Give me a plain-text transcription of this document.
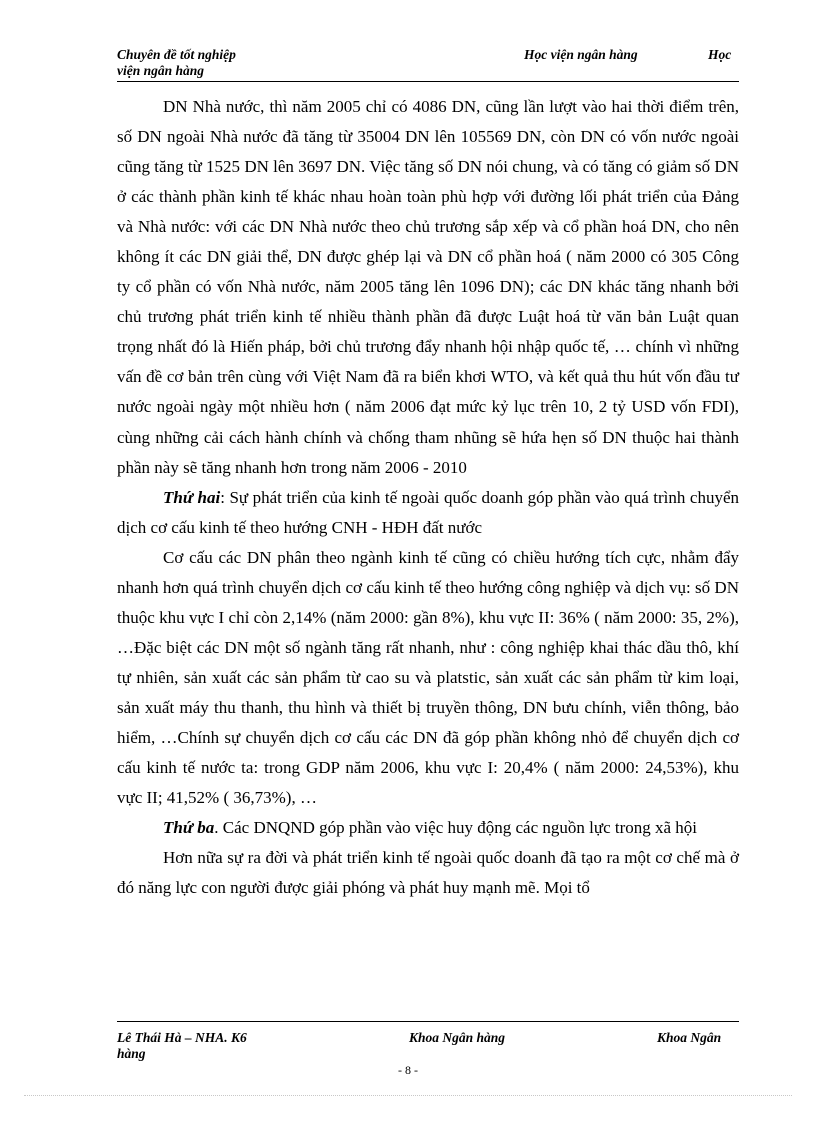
Chuyên đề tốt nghiệp	Học viện ngân hàng	Học
viện ngân hàng

DN Nhà nước, thì năm 2005 chỉ có 4086 DN, cũng lần lượt vào hai thời điểm trên, số DN ngoài Nhà nước đã tăng từ 35004 DN lên 105569 DN, còn DN có vốn nước ngoài cũng tăng từ 1525 DN lên 3697 DN. Việc tăng số DN nói chung, và có tăng có giảm số DN ở các thành phần kinh tế khác nhau hoàn toàn phù hợp với đường lối phát triển của Đảng và Nhà nước: với các DN Nhà nước theo chủ trương sắp xếp và cổ phần hoá DN, cho nên không ít các DN giải thể, DN được ghép lại và DN cổ phần hoá ( năm 2000 có 305 Công ty cổ phần có vốn Nhà nước, năm 2005 tăng lên 1096 DN); các DN khác tăng nhanh bởi chủ trương phát triển kinh tế nhiều thành phần đã được Luật hoá từ văn bản Luật quan trọng nhất đó là Hiến pháp, bởi chủ trương đẩy nhanh hội nhập quốc tế, … chính vì những vấn đề cơ bản trên cùng với Việt Nam đã ra biển khơi WTO, và kết quả thu hút vốn đầu tư nước ngoài ngày một nhiều hơn ( năm 2006 đạt mức kỷ lục trên 10, 2 tỷ USD vốn FDI), cùng những cải cách hành chính và chống tham nhũng sẽ hứa hẹn số DN thuộc hai thành phần này sẽ tăng nhanh hơn trong năm 2006 - 2010

Thứ hai: Sự phát triển của kinh tế ngoài quốc doanh góp phần vào quá trình chuyển dịch cơ cấu kinh tế theo hướng CNH - HĐH đất nước

Cơ cấu các DN phân theo ngành kinh tế cũng có chiều hướng tích cực, nhằm đẩy nhanh hơn quá trình chuyển dịch cơ cấu kinh tế theo hướng công nghiệp và dịch vụ: số DN thuộc khu vực I chỉ còn 2,14% (năm 2000: gần 8%), khu vực II: 36% ( năm 2000: 35, 2%), …Đặc biệt các DN một số ngành tăng rất nhanh, như : công nghiệp khai thác dầu thô, khí tự nhiên, sản xuất các sản phẩm từ cao su và platstic, sản xuất các sản phẩm từ kim loại, sản xuất máy thu thanh, thu hình và thiết bị truyền thông, DN bưu chính, viễn thông, bảo hiểm, …Chính sự chuyển dịch cơ cấu các DN đã góp phần không nhỏ để chuyển dịch cơ cấu kinh tế nước ta: trong GDP năm 2006, khu vực I: 20,4% ( năm 2000: 24,53%), khu vực II; 41,52% ( 36,73%), …

Thứ ba. Các DNQND góp phần vào việc huy động các nguồn lực trong xã hội

Hơn nữa sự ra đời và phát triển kinh tế ngoài quốc doanh đã tạo ra một cơ chế mà ở đó năng lực con người được giải phóng và phát huy mạnh mẽ. Mọi tổ

Lê Thái Hà – NHA. K6	Khoa Ngân hàng	Khoa Ngân
hàng
- 8 -
